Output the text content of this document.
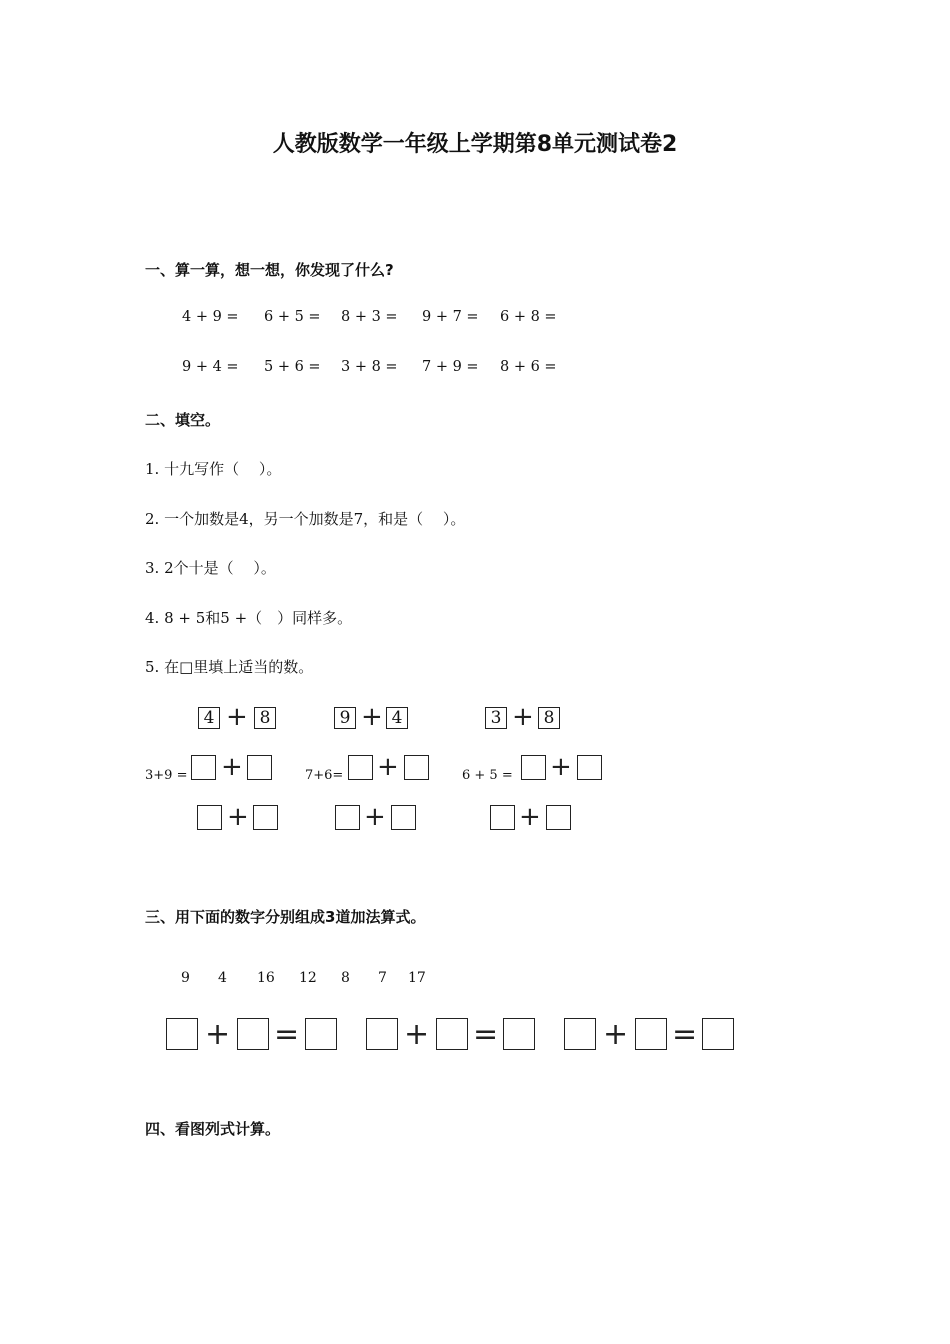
人教版数学一年级上学期第8单元测试卷2
一、算一算，想一想，你发现了什么?
4 + 9 = 6 + 5 = 8 + 3 = 9 + 7 = 6 + 8 =
9 + 4 = 5 + 6 = 3 + 8 = 7 + 9 = 8 + 6 =
二、填空。
1. 十九写作（　 ）。
2. 一个加数是4，另一个加数是7，和是（　 ）。
3. 2个十是（　 ）。
4. 8 + 5和5 +（　）同样多。
5. 在□里填上适当的数。
4 + 8	9 + 4	3 + 8
3+9 = +	7+6= +	6 + 5 = +
+	+	+
三、用下面的数字分别组成3道加法算式。
9 4 16 12 8 7 17
+ =	+ =	+ =
四、看图列式计算。
